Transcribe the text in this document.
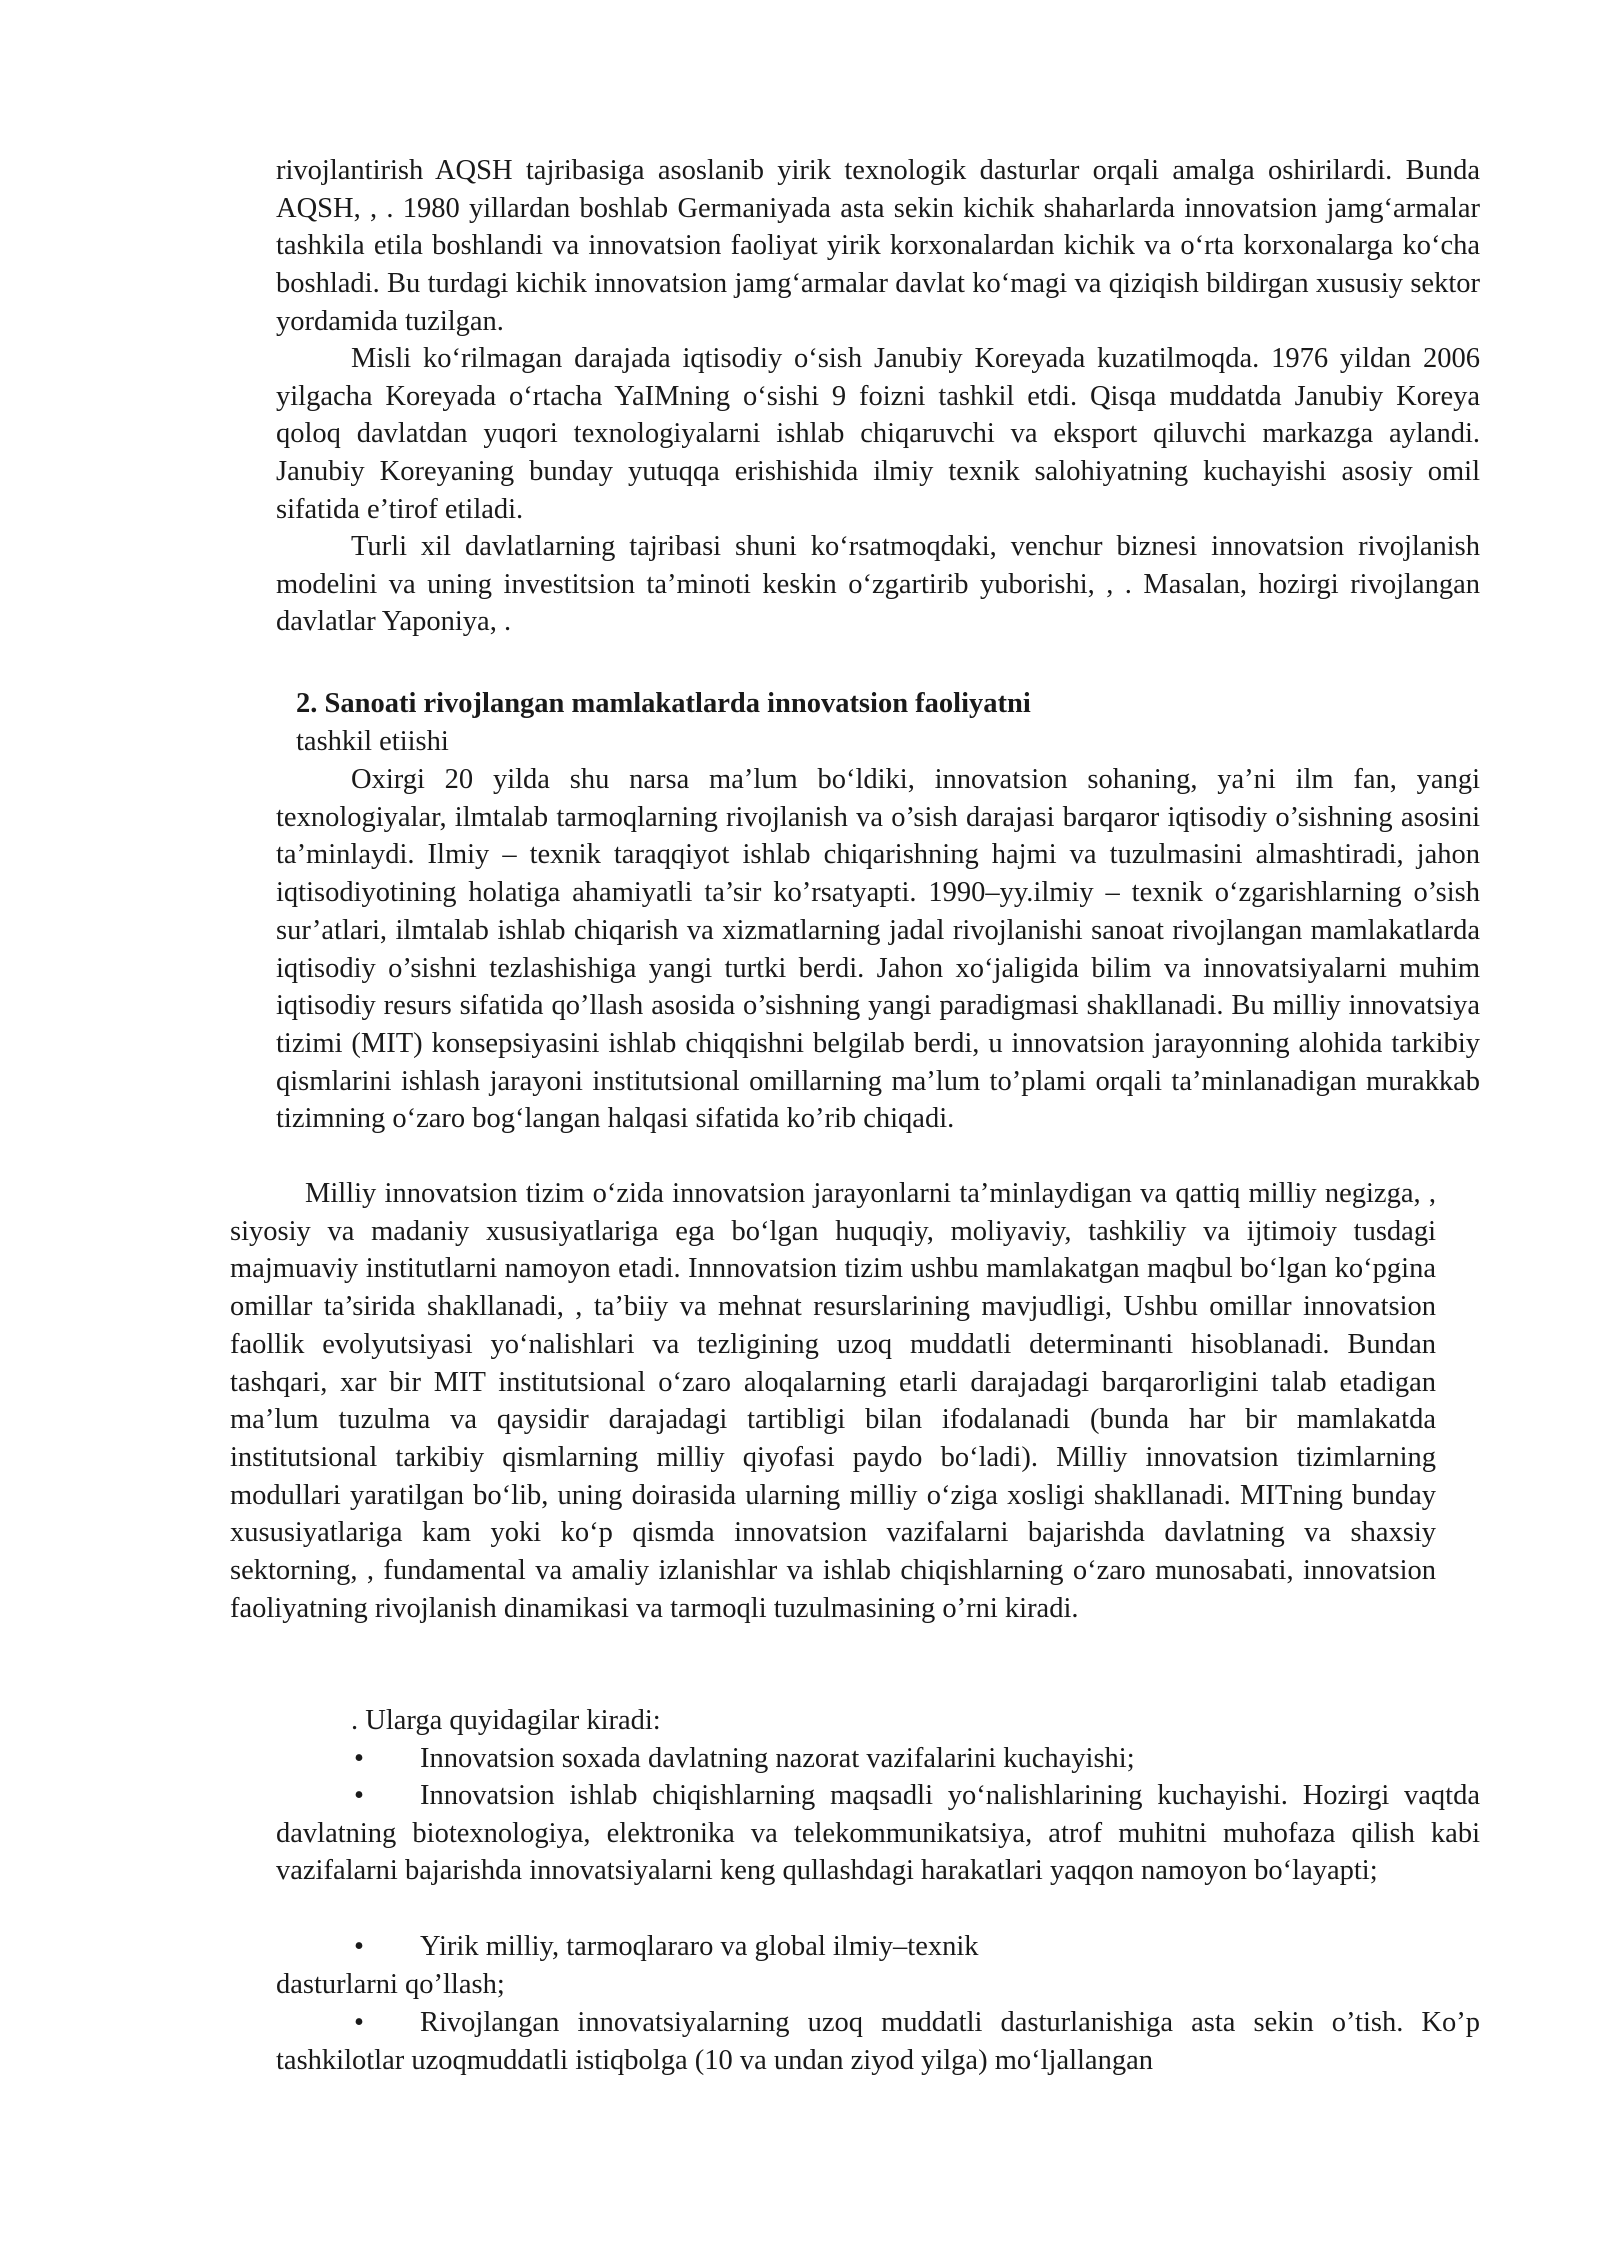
rivojlantirish AQSH tajribasiga asoslanib yirik texnologik dasturlar orqali amalga oshirilardi. Bunda AQSH, , . 1980 yillardan boshlab Germaniyada asta sekin kichik shaharlarda innovatsion jamg‘armalar tashkila etila boshlandi va innovatsion faoliyat yirik korxonalardan kichik va o‘rta korxonalarga ko‘cha boshladi. Bu turdagi kichik innovatsion jamg‘armalar davlat ko‘magi va qiziqish bildirgan xususiy sektor yordamida tuzilgan.

Misli ko‘rilmagan darajada iqtisodiy o‘sish Janubiy Koreyada kuzatilmoqda. 1976 yildan 2006 yilgacha Koreyada o‘rtacha YaIMning o‘sishi 9 foizni tashkil etdi. Qisqa muddatda Janubiy Koreya qoloq davlatdan yuqori texnologiyalarni ishlab chiqaruvchi va eksport qiluvchi markazga aylandi. Janubiy Koreyaning bunday yutuqqa erishishida ilmiy texnik salohiyatning kuchayishi asosiy omil sifatida e’tirof etiladi.

Turli xil davlatlarning tajribasi shuni ko‘rsatmoqdaki, venchur biznesi innovatsion rivojlanish modelini va uning investitsion ta’minoti keskin o‘zgartirib yuborishi, , . Masalan, hozirgi rivojlangan davlatlar Yaponiya, .

2. Sanoati rivojlangan mamlakatlarda innovatsion faoliyatni
tashkil etiishi

Oxirgi 20 yilda shu narsa ma’lum bo‘ldiki, innovatsion sohaning, ya’ni ilm fan, yangi texnologiyalar, ilmtalab tarmoqlarning rivojlanish va o’sish darajasi barqaror iqtisodiy o’sishning asosini ta’minlaydi. Ilmiy – texnik taraqqiyot ishlab chiqarishning hajmi va tuzulmasini almashtiradi, jahon iqtisodiyotining holatiga ahamiyatli ta’sir ko’rsatyapti. 1990–yy.ilmiy – texnik o‘zgarishlarning o’sish sur’atlari, ilmtalab ishlab chiqarish va xizmatlarning jadal rivojlanishi sanoat rivojlangan mamlakatlarda iqtisodiy o’sishni tezlashishiga yangi turtki berdi. Jahon xo‘jaligida bilim va innovatsiyalarni muhim iqtisodiy resurs sifatida qo’llash asosida o’sishning yangi paradigmasi shakllanadi. Bu milliy innovatsiya tizimi (MIT) konsepsiyasini ishlab chiqqishni belgilab berdi, u innovatsion jarayonning alohida tarkibiy qismlarini ishlash jarayoni institutsional omillarning ma’lum to’plami orqali ta’minlanadigan murakkab tizimning o‘zaro bog‘langan halqasi sifatida ko’rib chiqadi.

Milliy innovatsion tizim o‘zida innovatsion jarayonlarni ta’minlaydigan va qattiq milliy negizga, , siyosiy va madaniy xususiyatlariga ega bo‘lgan huquqiy, moliyaviy, tashkiliy va ijtimoiy tusdagi majmuaviy institutlarni namoyon etadi. Innnovatsion tizim ushbu mamlakatgan maqbul bo‘lgan ko‘pgina omillar ta’sirida shakllanadi, , ta’biiy va mehnat resurslarining mavjudligi, Ushbu omillar innovatsion faollik evolyutsiyasi yo‘nalishlari va tezligining uzoq muddatli determinanti hisoblanadi. Bundan tashqari, xar bir MIT institutsional o‘zaro aloqalarning etarli darajadagi barqarorligini talab etadigan ma’lum tuzulma va qaysidir darajadagi tartibligi bilan ifodalanadi (bunda har bir mamlakatda institutsional tarkibiy qismlarning milliy qiyofasi paydo bo‘ladi). Milliy innovatsion tizimlarning modullari yaratilgan bo‘lib, uning doirasida ularning milliy o‘ziga xosligi shakllanadi. MITning bunday xususiyatlariga kam yoki ko‘p qismda innovatsion vazifalarni bajarishda davlatning va shaxsiy sektorning, , fundamental va amaliy izlanishlar va ishlab chiqishlarning o‘zaro munosabati, innovatsion faoliyatning rivojlanish dinamikasi va tarmoqli tuzulmasining o’rni kiradi.

. Ularga quyidagilar kiradi:

• Innovatsion soxada davlatning nazorat vazifalarini kuchayishi;
• Innovatsion ishlab chiqishlarning maqsadli yo‘nalishlarining kuchayishi. Hozirgi vaqtda davlatning biotexnologiya, elektronika va telekommunikatsiya, atrof muhitni muhofaza qilish kabi vazifalarni bajarishda innovatsiyalarni keng qullashdagi harakatlari yaqqon namoyon bo‘layapti;
• Yirik milliy, tarmoqlararo va global ilmiy–texnik
dasturlarni qo’llash;
• Rivojlangan innovatsiyalarning uzoq muddatli dasturlanishiga asta sekin o’tish. Ko’p tashkilotlar uzoqmuddatli istiqbolga (10 va undan ziyod yilga) mo‘ljallangan
